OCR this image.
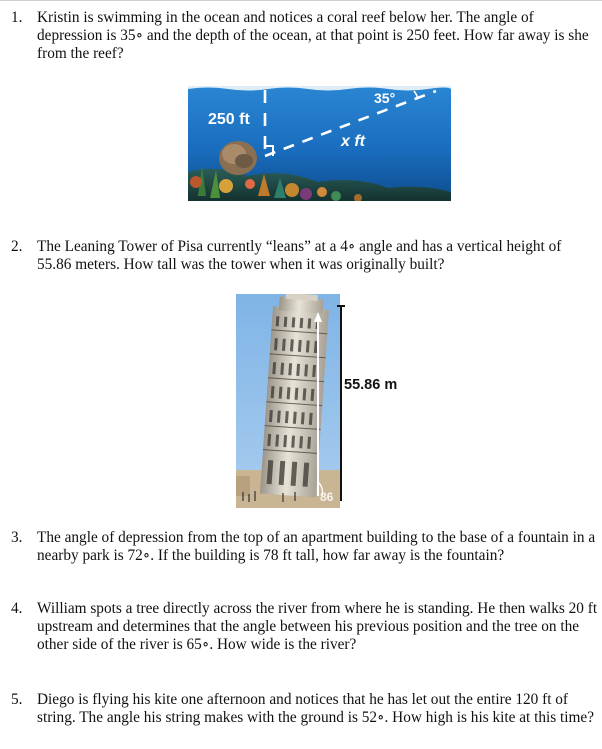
1. Kristin is swimming in the ocean and notices a coral reef below her. The angle of depression is 35∘ and the depth of the ocean, at that point is 250 feet. How far away is she from the reef?
250 ft
x ft
35°
2. The Leaning Tower of Pisa currently “leans” at a 4∘ angle and has a vertical height of 55.86 meters. How tall was the tower when it was originally built?
86
55.86 m
3. The angle of depression from the top of an apartment building to the base of a fountain in a nearby park is 72∘. If the building is 78 ft tall, how far away is the fountain?
4. William spots a tree directly across the river from where he is standing. He then walks 20 ft upstream and determines that the angle between his previous position and the tree on the other side of the river is 65∘. How wide is the river?
5. Diego is flying his kite one afternoon and notices that he has let out the entire 120 ft of string. The angle his string makes with the ground is 52∘. How high is his kite at this time?
